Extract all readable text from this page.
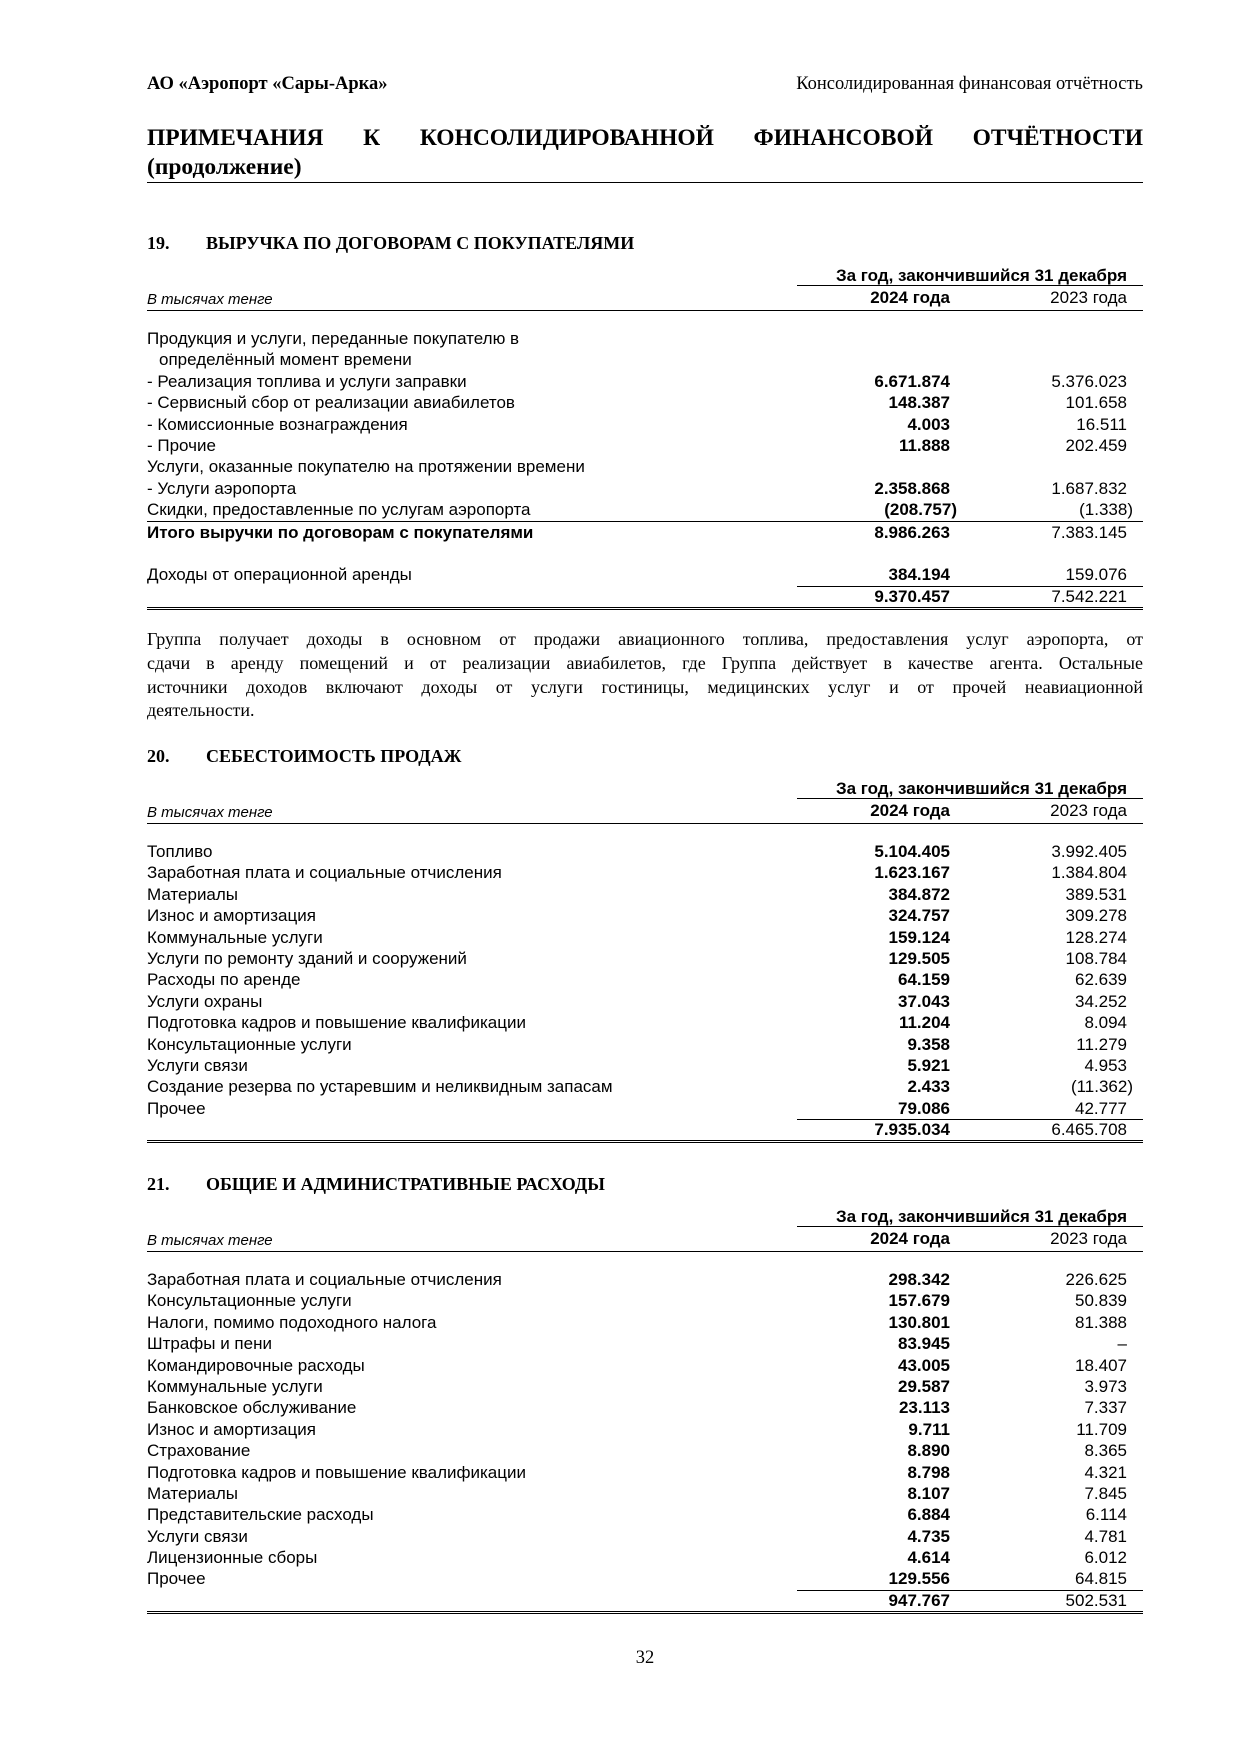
АО «Аэропорт «Сары-Арка»	Консолидированная финансовая отчётность
ПРИМЕЧАНИЯ К КОНСОЛИДИРОВАННОЙ ФИНАНСОВОЙ ОТЧЁТНОСТИ
(продолжение)
19. ВЫРУЧКА ПО ДОГОВОРАМ С ПОКУПАТЕЛЯМИ
За год, закончившийся 31 декабря
В тысячах тенге	2024 года	2023 года
Продукция и услуги, переданные покупателю в
определённый момент времени
- Реализация топлива и услуги заправки	6.671.874	5.376.023
- Сервисный сбор от реализации авиабилетов	148.387	101.658
- Комиссионные вознаграждения	4.003	16.511
- Прочие	11.888	202.459
Услуги, оказанные покупателю на протяжении времени
- Услуги аэропорта	2.358.868	1.687.832
Скидки, предоставленные по услугам аэропорта	(208.757)	(1.338)
Итого выручки по договорам с покупателями	8.986.263	7.383.145
Доходы от операционной аренды	384.194	159.076
9.370.457	7.542.221
Группа получает доходы в основном от продажи авиационного топлива, предоставления услуг аэропорта, от
сдачи в аренду помещений и от реализации авиабилетов, где Группа действует в качестве агента. Остальные
источники доходов включают доходы от услуги гостиницы, медицинских услуг и от прочей неавиационной
деятельности.
20. СЕБЕСТОИМОСТЬ ПРОДАЖ
За год, закончившийся 31 декабря
В тысячах тенге	2024 года	2023 года
Топливо	5.104.405	3.992.405
Заработная плата и социальные отчисления	1.623.167	1.384.804
Материалы	384.872	389.531
Износ и амортизация	324.757	309.278
Коммунальные услуги	159.124	128.274
Услуги по ремонту зданий и сооружений	129.505	108.784
Расходы по аренде	64.159	62.639
Услуги охраны	37.043	34.252
Подготовка кадров и повышение квалификации	11.204	8.094
Консультационные услуги	9.358	11.279
Услуги связи	5.921	4.953
Создание резерва по устаревшим и неликвидным запасам	2.433	(11.362)
Прочее	79.086	42.777
7.935.034	6.465.708
21. ОБЩИЕ И АДМИНИСТРАТИВНЫЕ РАСХОДЫ
За год, закончившийся 31 декабря
В тысячах тенге	2024 года	2023 года
Заработная плата и социальные отчисления	298.342	226.625
Консультационные услуги	157.679	50.839
Налоги, помимо подоходного налога	130.801	81.388
Штрафы и пени	83.945	–
Командировочные расходы	43.005	18.407
Коммунальные услуги	29.587	3.973
Банковское обслуживание	23.113	7.337
Износ и амортизация	9.711	11.709
Страхование	8.890	8.365
Подготовка кадров и повышение квалификации	8.798	4.321
Материалы	8.107	7.845
Представительские расходы	6.884	6.114
Услуги связи	4.735	4.781
Лицензионные сборы	4.614	6.012
Прочее	129.556	64.815
947.767	502.531
32
